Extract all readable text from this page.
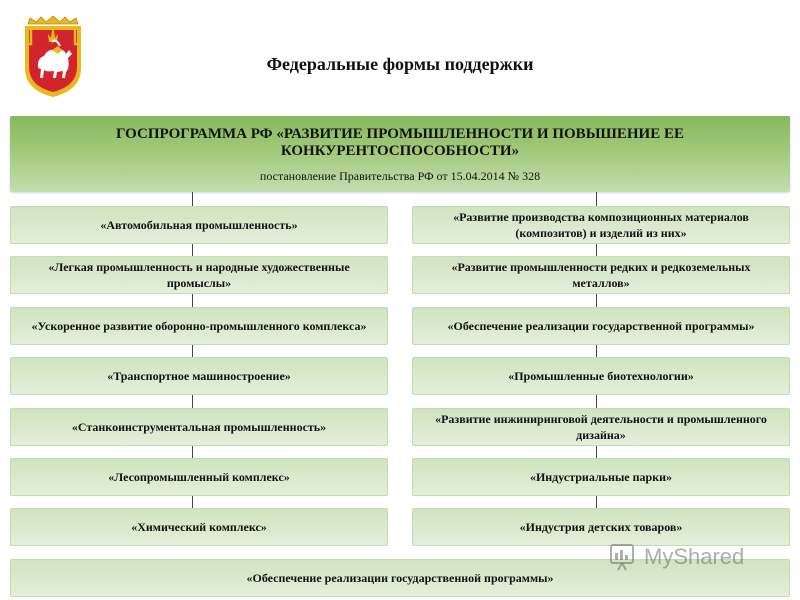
Федеральные формы поддержки
ГОСПРОГРАММА РФ «РАЗВИТИЕ ПРОМЫШЛЕННОСТИ И ПОВЫШЕНИЕ ЕЕ КОНКУРЕНТОСПОСОБНОСТИ»
постановление Правительства РФ от 15.04.2014 № 328
«Автомобильная промышленность»
«Легкая промышленность и народные художественные промыслы»
«Ускоренное развитие оборонно-промышленного комплекса»
«Транспортное машиностроение»
«Станкоинструментальная промышленность»
«Лесопромышленный комплекс»
«Химический комплекс»
«Развитие производства композиционных материалов (композитов) и изделий из них»
«Развитие промышленности редких и редкоземельных металлов»
«Обеспечение реализации государственной программы»
«Промышленные биотехнологии»
«Развитие инжиниринговой деятельности и промышленного дизайна»
«Индустриальные парки»
«Индустрия детских товаров»
«Обеспечение реализации государственной программы»
MyShared
